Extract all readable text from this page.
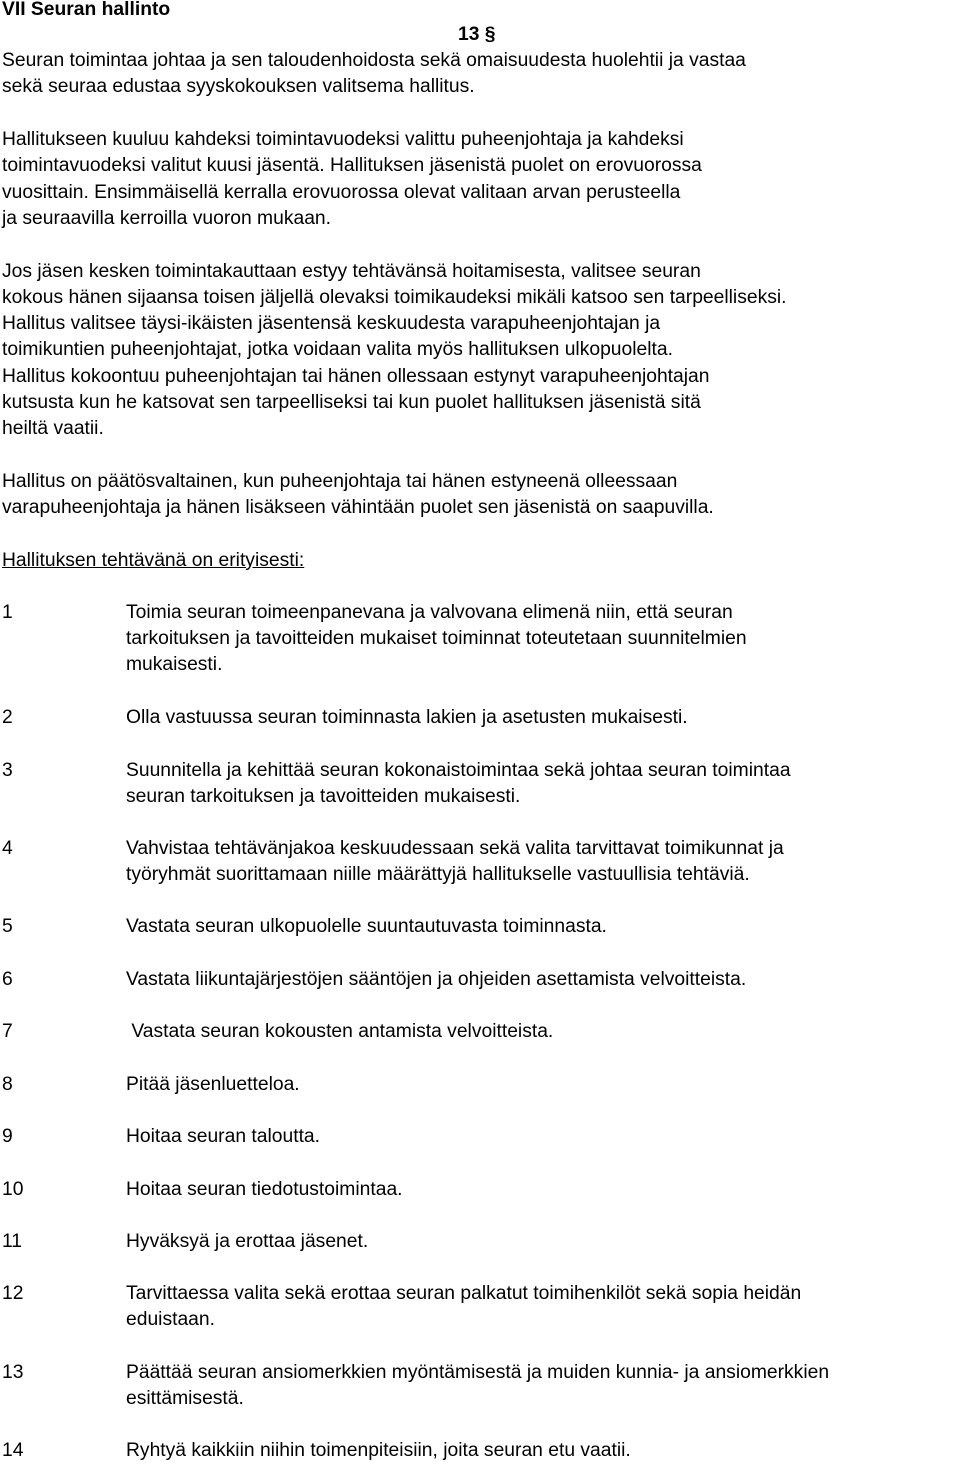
VII Seuran hallinto
13 §
Seuran toimintaa johtaa ja sen taloudenhoidosta sekä omaisuudesta huolehtii ja vastaa
sekä seuraa edustaa syyskokouksen valitsema hallitus.
Hallitukseen kuuluu kahdeksi toimintavuodeksi valittu puheenjohtaja ja kahdeksi
toimintavuodeksi valitut kuusi jäsentä. Hallituksen jäsenistä puolet on erovuorossa
vuosittain. Ensimmäisellä kerralla erovuorossa olevat valitaan arvan perusteella
ja seuraavilla kerroilla vuoron mukaan.
Jos jäsen kesken toimintakauttaan estyy tehtävänsä hoitamisesta, valitsee seuran
kokous hänen sijaansa toisen jäljellä olevaksi toimikaudeksi mikäli katsoo sen tarpeelliseksi.
Hallitus valitsee täysi-ikäisten jäsentensä keskuudesta varapuheenjohtajan ja
toimikuntien puheenjohtajat, jotka voidaan valita myös hallituksen ulkopuolelta.
Hallitus kokoontuu puheenjohtajan tai hänen ollessaan estynyt varapuheenjohtajan
kutsusta kun he katsovat sen tarpeelliseksi tai kun puolet hallituksen jäsenistä sitä
heiltä vaatii.
Hallitus on päätösvaltainen, kun puheenjohtaja tai hänen estyneenä olleessaan
varapuheenjohtaja ja hänen lisäkseen vähintään puolet sen jäsenistä on saapuvilla.
Hallituksen tehtävänä on erityisesti:
1	Toimia seuran toimeenpanevana ja valvovana elimenä niin, että seuran
tarkoituksen ja tavoitteiden mukaiset toiminnat toteutetaan suunnitelmien
mukaisesti.
2	Olla vastuussa seuran toiminnasta lakien ja asetusten mukaisesti.
3	Suunnitella ja kehittää seuran kokonaistoimintaa sekä johtaa seuran toimintaa
seuran tarkoituksen ja tavoitteiden mukaisesti.
4	Vahvistaa tehtävänjakoa keskuudessaan sekä valita tarvittavat toimikunnat ja
työryhmät suorittamaan niille määrättyjä hallitukselle vastuullisia tehtäviä.
5	Vastata seuran ulkopuolelle suuntautuvasta toiminnasta.
6	Vastata liikuntajärjestöjen sääntöjen ja ohjeiden asettamista velvoitteista.
7	Vastata seuran kokousten antamista velvoitteista.
8	Pitää jäsenluetteloa.
9	Hoitaa seuran taloutta.
10	Hoitaa seuran tiedotustoimintaa.
11	Hyväksyä ja erottaa jäsenet.
12	Tarvittaessa valita sekä erottaa seuran palkatut toimihenkilöt sekä sopia heidän
eduistaan.
13	Päättää seuran ansiomerkkien myöntämisestä ja muiden kunnia- ja ansiomerkkien
esittämisestä.
14	Ryhtyä kaikkiin niihin toimenpiteisiin, joita seuran etu vaatii.
